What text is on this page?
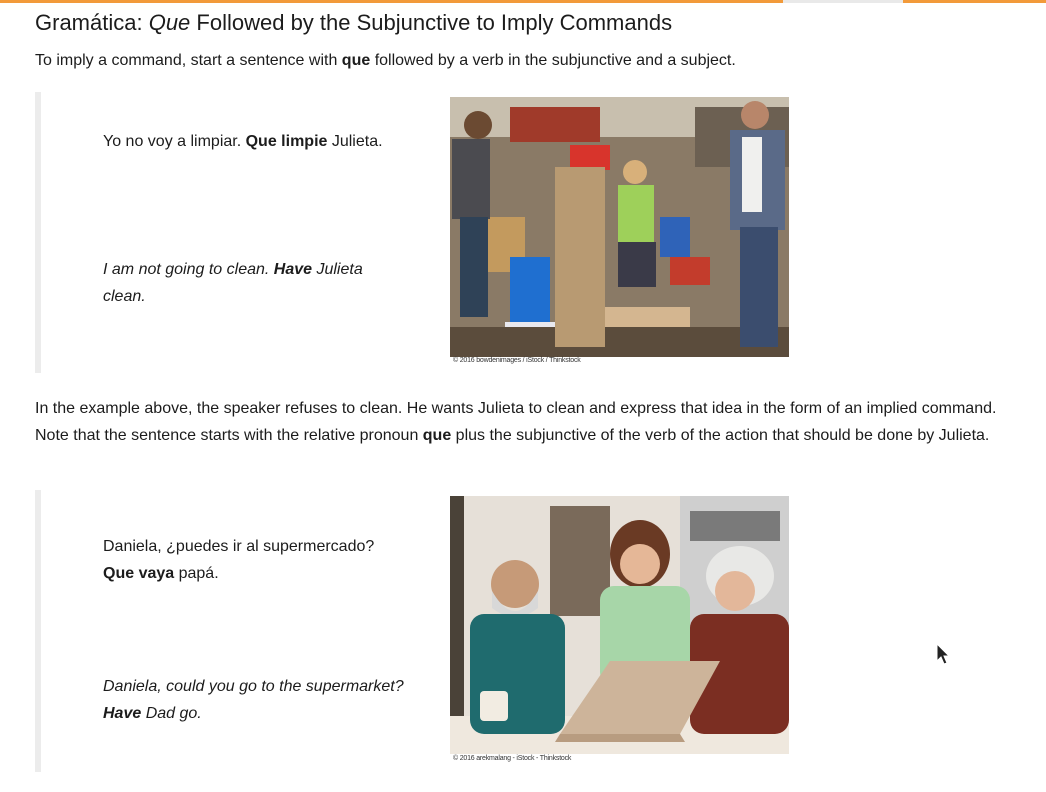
Gramática: Que Followed by the Subjunctive to Imply Commands

To imply a command, start a sentence with que followed by a verb in the subjunctive and a subject.

Yo no voy a limpiar. Que limpie Julieta.

I am not going to clean. Have Julieta clean.

© 2016 bowdenimages / iStock / Thinkstock

In the example above, the speaker refuses to clean. He wants Julieta to clean and express that idea in the form of an implied command. Note that the sentence starts with the relative pronoun que plus the subjunctive of the verb of the action that should be done by Julieta.

Daniela, ¿puedes ir al supermercado?
Que vaya papá.

Daniela, could you go to the supermarket?
Have Dad go.

© 2016 arekmalang - iStock - Thinkstock
